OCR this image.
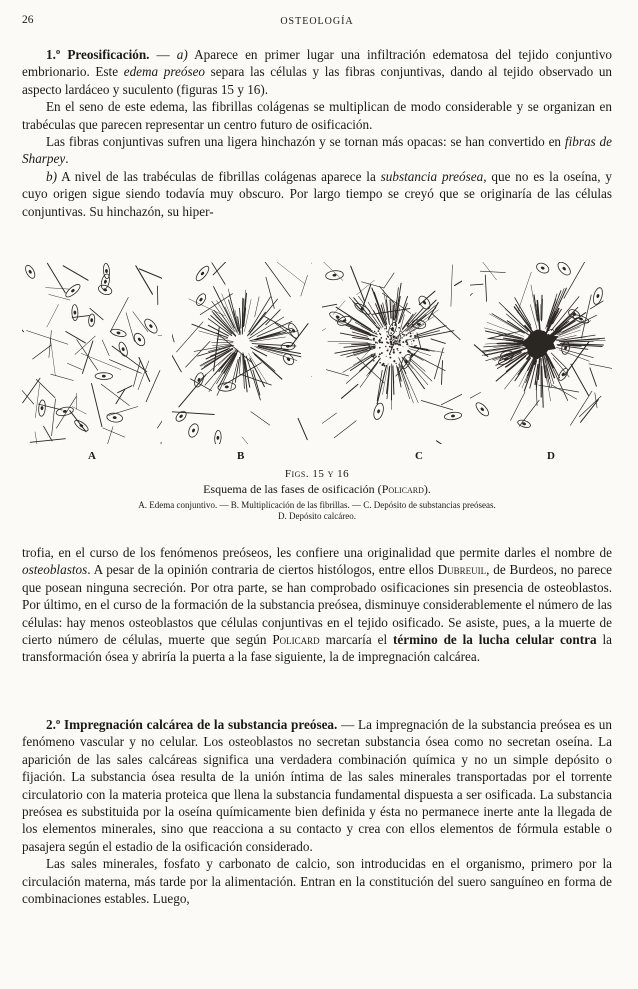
26	OSTEOLOGÍA

1.º Preosificación. — a) Aparece en primer lugar una infiltración edematosa del tejido conjuntivo embrionario. Este edema preóseo separa las células y las fibras conjuntivas, dando al tejido observado un aspecto lardáceo y suculento (figuras 15 y 16).

En el seno de este edema, las fibrillas colágenas se multiplican de modo considerable y se organizan en trabéculas que parecen representar un centro futuro de osificación.

Las fibras conjuntivas sufren una ligera hinchazón y se tornan más opacas: se han convertido en fibras de Sharpey.

b) A nivel de las trabéculas de fibrillas colágenas aparece la substancia preósea, que no es la oseína, y cuyo origen sigue siendo todavía muy obscuro. Por largo tiempo se creyó que se originaría de las células conjuntivas. Su hinchazón, su hiper-

A	B	C	D
Figs. 15 y 16
Esquema de las fases de osificación (Policard).
A. Edema conjuntivo. — B. Multiplicación de las fibrillas. — C. Depósito de substancias preóseas.
D. Depósito calcáreo.

trofia, en el curso de los fenómenos preóseos, les confiere una originalidad que permite darles el nombre de osteoblastos. A pesar de la opinión contraria de ciertos histólogos, entre ellos Dubreuil, de Burdeos, no parece que posean ninguna secreción. Por otra parte, se han comprobado osificaciones sin presencia de osteoblastos. Por último, en el curso de la formación de la substancia preósea, disminuye considerablemente el número de las células: hay menos osteoblastos que células conjuntivas en el tejido osificado. Se asiste, pues, a la muerte de cierto número de células, muerte que según Policard marcaría el término de la lucha celular contra la transformación ósea y abriría la puerta a la fase siguiente, la de impregnación calcárea.

2.º Impregnación calcárea de la substancia preósea. — La impregnación de la substancia preósea es un fenómeno vascular y no celular. Los osteoblastos no secretan substancia ósea como no secretan oseína. La aparición de las sales calcáreas significa una verdadera combinación química y no un simple depósito o fijación. La substancia ósea resulta de la unión íntima de las sales minerales transportadas por el torrente circulatorio con la materia proteica que llena la substancia fundamental dispuesta a ser osificada. La substancia preósea es substituida por la oseína químicamente bien definida y ésta no permanece inerte ante la llegada de los elementos minerales, sino que reacciona a su contacto y crea con ellos elementos de fórmula estable o pasajera según el estadio de la osificación considerado.

Las sales minerales, fosfato y carbonato de calcio, son introducidas en el organismo, primero por la circulación materna, más tarde por la alimentación. Entran en la constitución del suero sanguíneo en forma de combinaciones estables. Luego,
